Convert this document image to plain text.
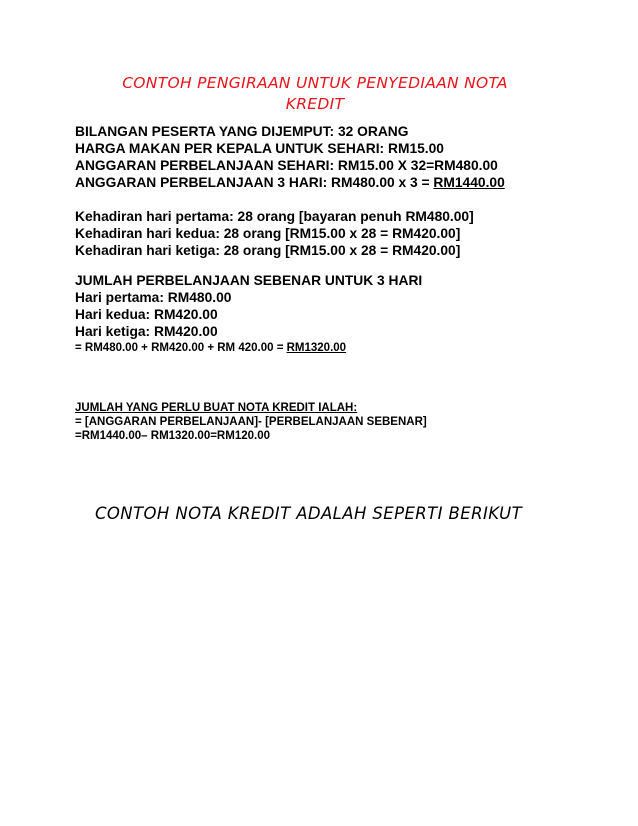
CONTOH PENGIRAAN UNTUK PENYEDIAAN NOTA
KREDIT
BILANGAN PESERTA YANG DIJEMPUT: 32 ORANG
HARGA MAKAN PER KEPALA UNTUK SEHARI: RM15.00
ANGGARAN PERBELANJAAN SEHARI: RM15.00 X 32=RM480.00
ANGGARAN PERBELANJAAN 3 HARI: RM480.00 x 3 = RM1440.00
Kehadiran hari pertama: 28 orang [bayaran penuh RM480.00]
Kehadiran hari kedua: 28 orang [RM15.00 x 28 = RM420.00]
Kehadiran hari ketiga: 28 orang [RM15.00 x 28 = RM420.00]
JUMLAH PERBELANJAAN SEBENAR UNTUK 3 HARI
Hari pertama: RM480.00
Hari kedua: RM420.00
Hari ketiga: RM420.00
= RM480.00 + RM420.00 + RM 420.00 = RM1320.00
JUMLAH YANG PERLU BUAT NOTA KREDIT IALAH:
= [ANGGARAN PERBELANJAAN]- [PERBELANJAAN SEBENAR]
=RM1440.00– RM1320.00=RM120.00
CONTOH NOTA KREDIT ADALAH SEPERTI BERIKUT
